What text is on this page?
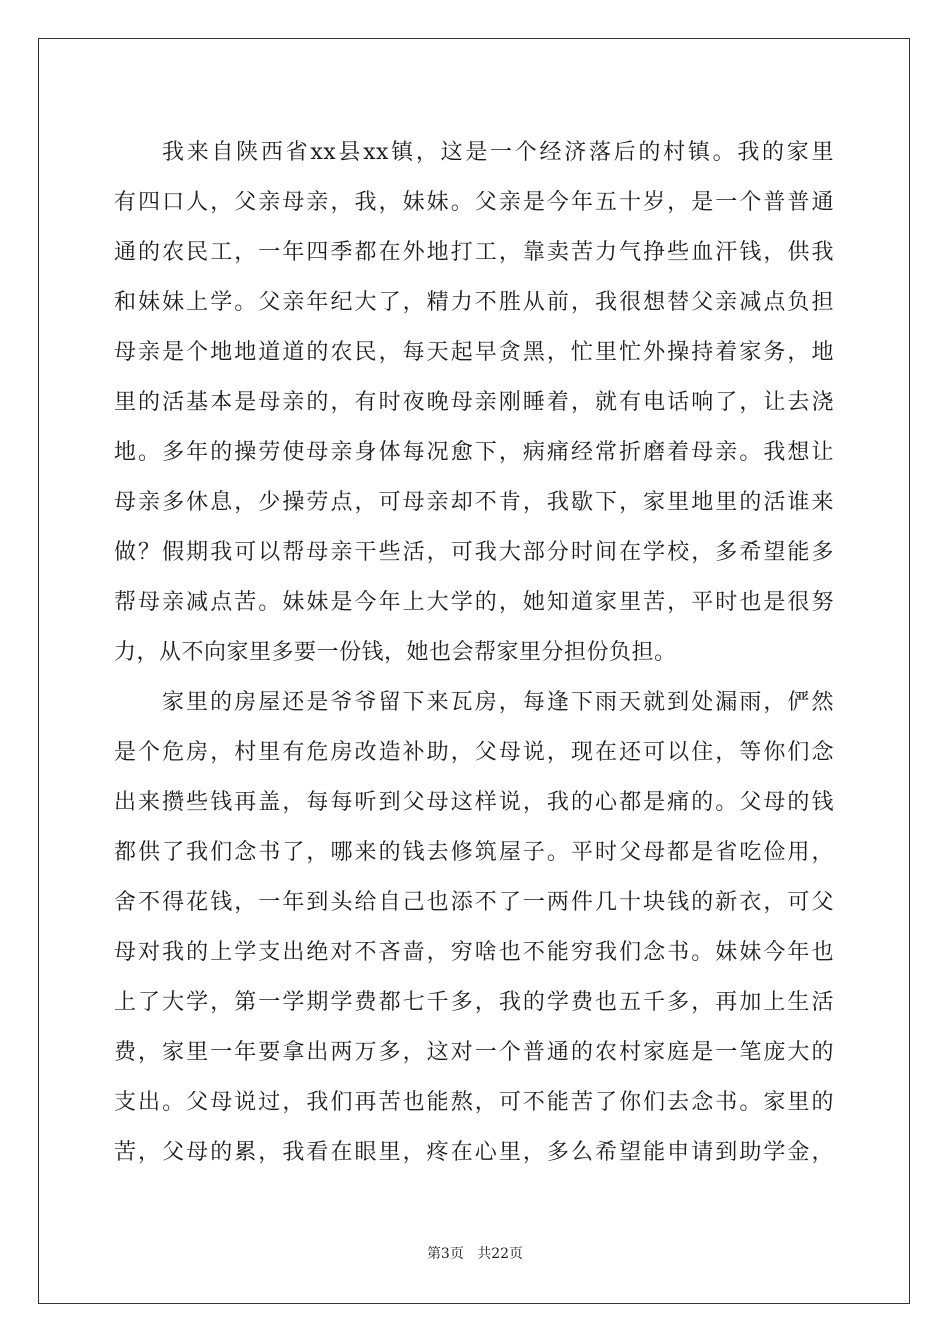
我来自陕西省xx县xx镇，这是一个经济落后的村镇。我的家里
有四口人，父亲母亲，我，妹妹。父亲是今年五十岁，是一个普普通
通的农民工，一年四季都在外地打工，靠卖苦力气挣些血汗钱，供我
和妹妹上学。父亲年纪大了，精力不胜从前，我很想替父亲减点负担
母亲是个地地道道的农民，每天起早贪黑，忙里忙外操持着家务，地
里的活基本是母亲的，有时夜晚母亲刚睡着，就有电话响了，让去浇
地。多年的操劳使母亲身体每况愈下，病痛经常折磨着母亲。我想让
母亲多休息，少操劳点，可母亲却不肯，我歇下，家里地里的活谁来
做？假期我可以帮母亲干些活，可我大部分时间在学校，多希望能多
帮母亲减点苦。妹妹是今年上大学的，她知道家里苦，平时也是很努
力，从不向家里多要一份钱，她也会帮家里分担份负担。
家里的房屋还是爷爷留下来瓦房，每逢下雨天就到处漏雨，俨然
是个危房，村里有危房改造补助，父母说，现在还可以住，等你们念
出来攒些钱再盖，每每听到父母这样说，我的心都是痛的。父母的钱
都供了我们念书了，哪来的钱去修筑屋子。平时父母都是省吃俭用，
舍不得花钱，一年到头给自己也添不了一两件几十块钱的新衣，可父
母对我的上学支出绝对不吝啬，穷啥也不能穷我们念书。妹妹今年也
上了大学，第一学期学费都七千多，我的学费也五千多，再加上生活
费，家里一年要拿出两万多，这对一个普通的农村家庭是一笔庞大的
支出。父母说过，我们再苦也能熬，可不能苦了你们去念书。家里的
苦，父母的累，我看在眼里，疼在心里，多么希望能申请到助学金，
第3页 共22页
